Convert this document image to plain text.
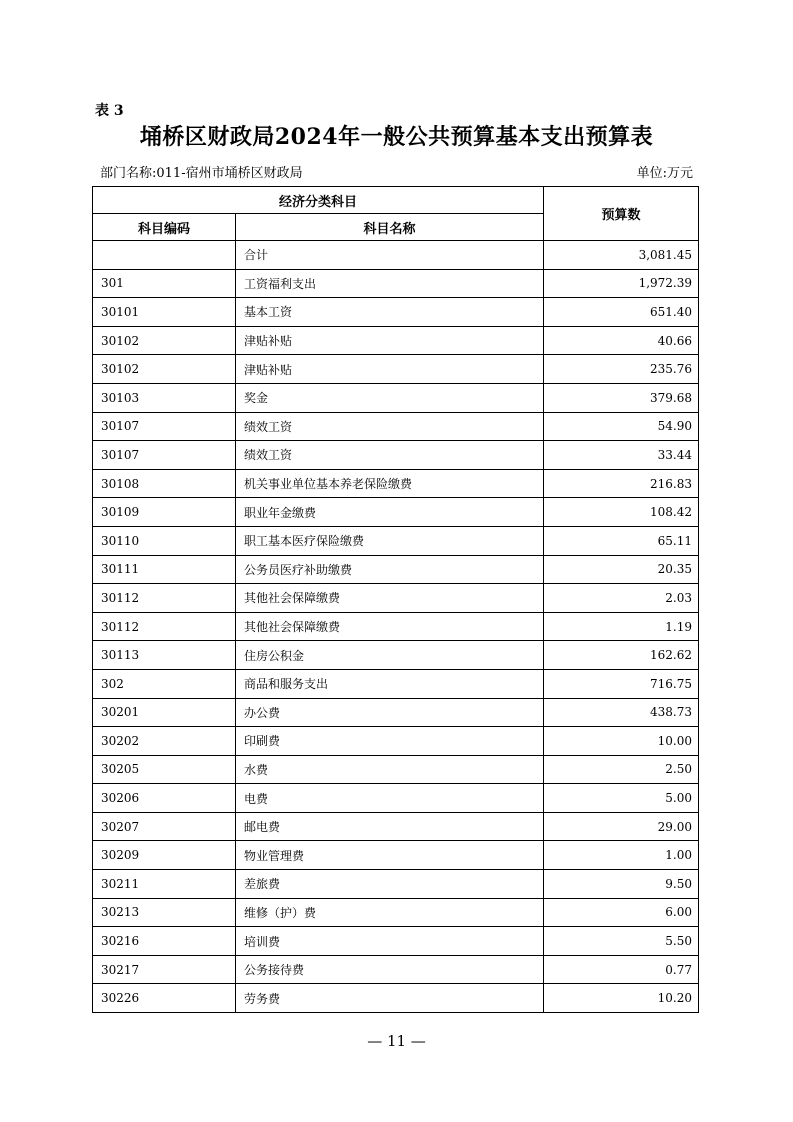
表 3
埇桥区财政局2024年一般公共预算基本支出预算表
部门名称:011-宿州市埇桥区财政局	单位:万元
经济分类科目		预算数
科目编码	科目名称	
	合计	3,081.45
301	工资福利支出	1,972.39
30101	基本工资	651.40
30102	津贴补贴	40.66
30102	津贴补贴	235.76
30103	奖金	379.68
30107	绩效工资	54.90
30107	绩效工资	33.44
30108	机关事业单位基本养老保险缴费	216.83
30109	职业年金缴费	108.42
30110	职工基本医疗保险缴费	65.11
30111	公务员医疗补助缴费	20.35
30112	其他社会保障缴费	2.03
30112	其他社会保障缴费	1.19
30113	住房公积金	162.62
302	商品和服务支出	716.75
30201	办公费	438.73
30202	印刷费	10.00
30205	水费	2.50
30206	电费	5.00
30207	邮电费	29.00
30209	物业管理费	1.00
30211	差旅费	9.50
30213	维修（护）费	6.00
30216	培训费	5.50
30217	公务接待费	0.77
30226	劳务费	10.20
— 11 —
